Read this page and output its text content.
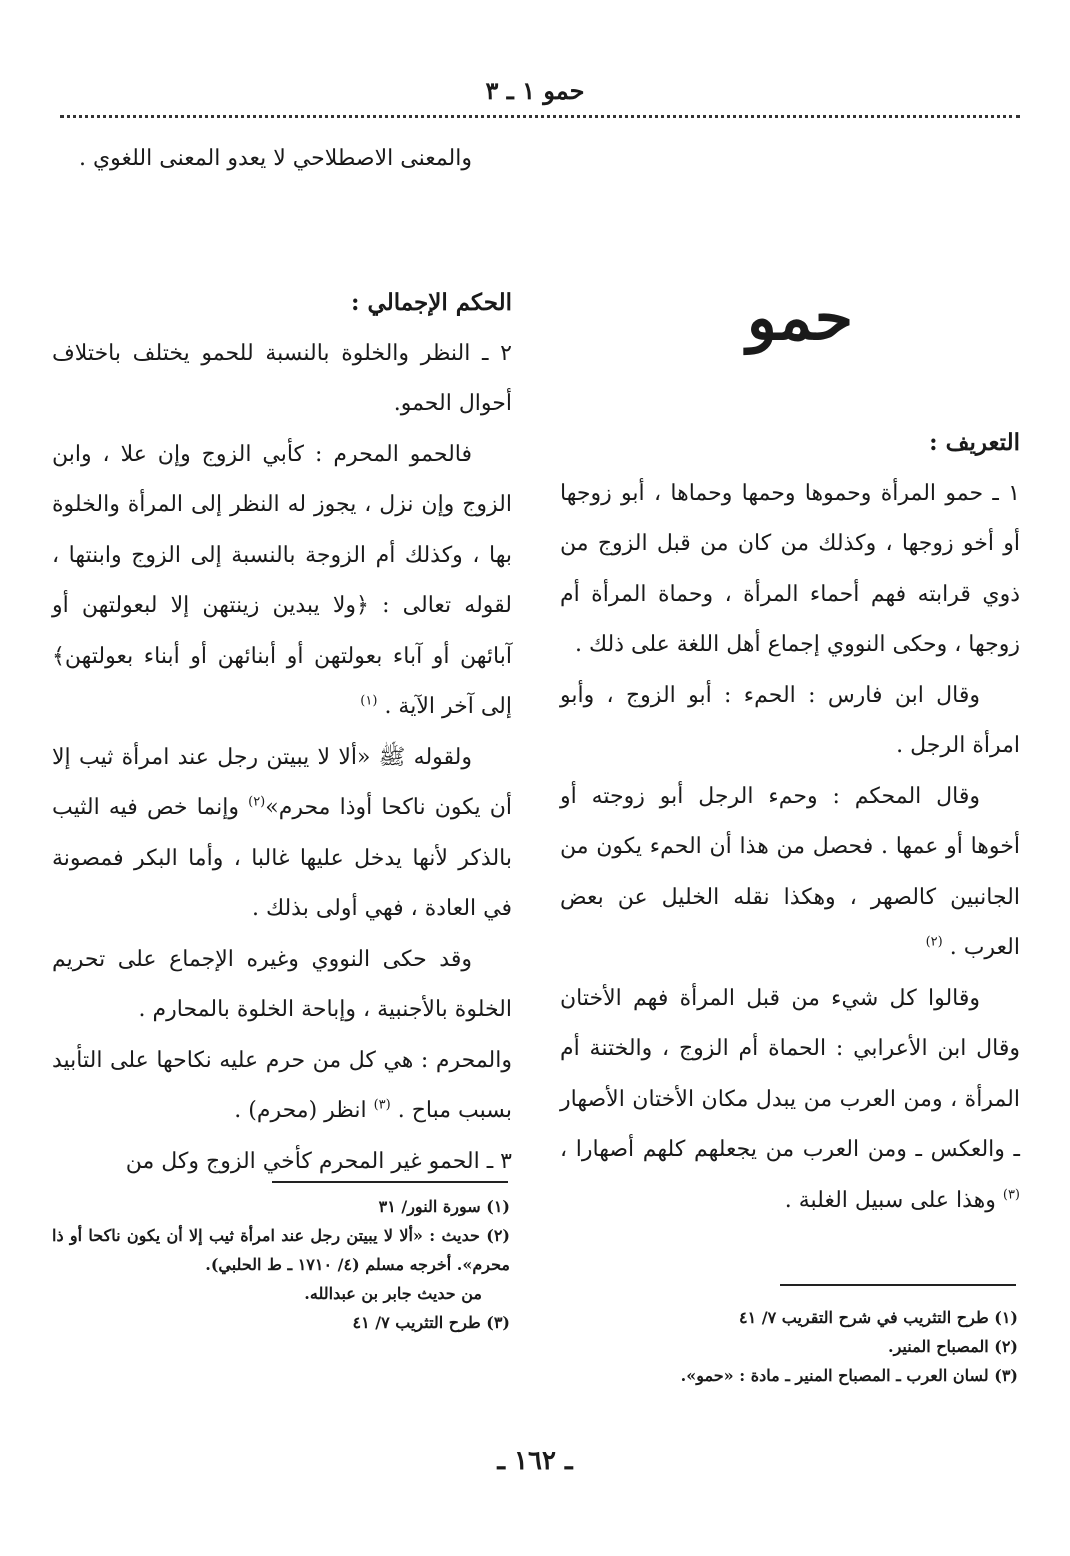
حمو ١ ـ ٣

والمعنى الاصطلاحي لا يعدو المعنى اللغوي .

حمو

الحكم الإجمالي :

٢ ـ النظر والخلوة بالنسبة للحمو يختلف باختلاف أحوال الحمو.

فالحمو المحرم : كأبي الزوج وإن علا ، وابن الزوج وإن نزل ، يجوز له النظر إلى المرأة والخلوة بها ، وكذلك أم الزوجة بالنسبة إلى الزوج وابنتها ، لقوله تعالى : ﴿ولا يبدين زينتهن إلا لبعولتهن أو آبائهن أو آباء بعولتهن أو أبنائهن أو أبناء بعولتهن﴾ إلى آخر الآية . $^{(١)}$

ولقوله ﷺ «ألا لا يبيتن رجل عند امرأة ثيب إلا أن يكون ناكحا أوذا محرم»$^{(٢)}$ وإنما خص فيه الثيب بالذكر لأنها يدخل عليها غالبا ، وأما البكر فمصونة في العادة ، فهي أولى بذلك .

وقد حكى النووي وغيره الإجماع على تحريم الخلوة بالأجنبية ، وإباحة الخلوة بالمحارم .

والمحرم : هي كل من حرم عليه نكاحها على التأبيد بسبب مباح . $^{(٣)}$ انظر (محرم) .

٣ ـ الحمو غير المحرم كأخي الزوج وكل من

التعريف :

١ ـ حمو المرأة وحموها وحمها وحماها ، أبو زوجها أو أخو زوجها ، وكذلك من كان من قبل الزوج من ذوي قرابته فهم أحماء المرأة ، وحماة المرأة أم زوجها ، وحكى النووي إجماع أهل اللغة على ذلك .

وقال ابن فارس : الحمء : أبو الزوج ، وأبو امرأة الرجل .

وقال المحكم : وحمء الرجل أبو زوجته أو أخوها أو عمها . فحصل من هذا أن الحمء يكون من الجانبين كالصهر ، وهكذا نقله الخليل عن بعض العرب . $^{(٢)}$

وقالوا كل شيء من قبل المرأة فهم الأختان وقال ابن الأعرابي : الحماة أم الزوج ، والختنة أم المرأة ، ومن العرب من يبدل مكان الأختان الأصهار ـ والعكس ـ ومن العرب من يجعلهم كلهم أصهارا ،$^{(٣)}$ وهذا على سبيل الغلبة .

(١) سورة النور/ ٣١

(٢) حديث : «ألا لا يبيتن رجل عند امرأة ثيب إلا أن يكون ناكحا أو ذا محرم». أخرجه مسلم (٤/ ١٧١٠ ـ ط الحلبي).

من حديث جابر بن عبدالله.

(٣) طرح التثريب ٧/ ٤١	(١) طرح التثريب في شرح التقريب ٧/ ٤١

(٢) المصباح المنير.

(٣) لسان العرب ـ المصباح المنير ـ مادة : «حمو».

ـ ١٦٢ ـ
